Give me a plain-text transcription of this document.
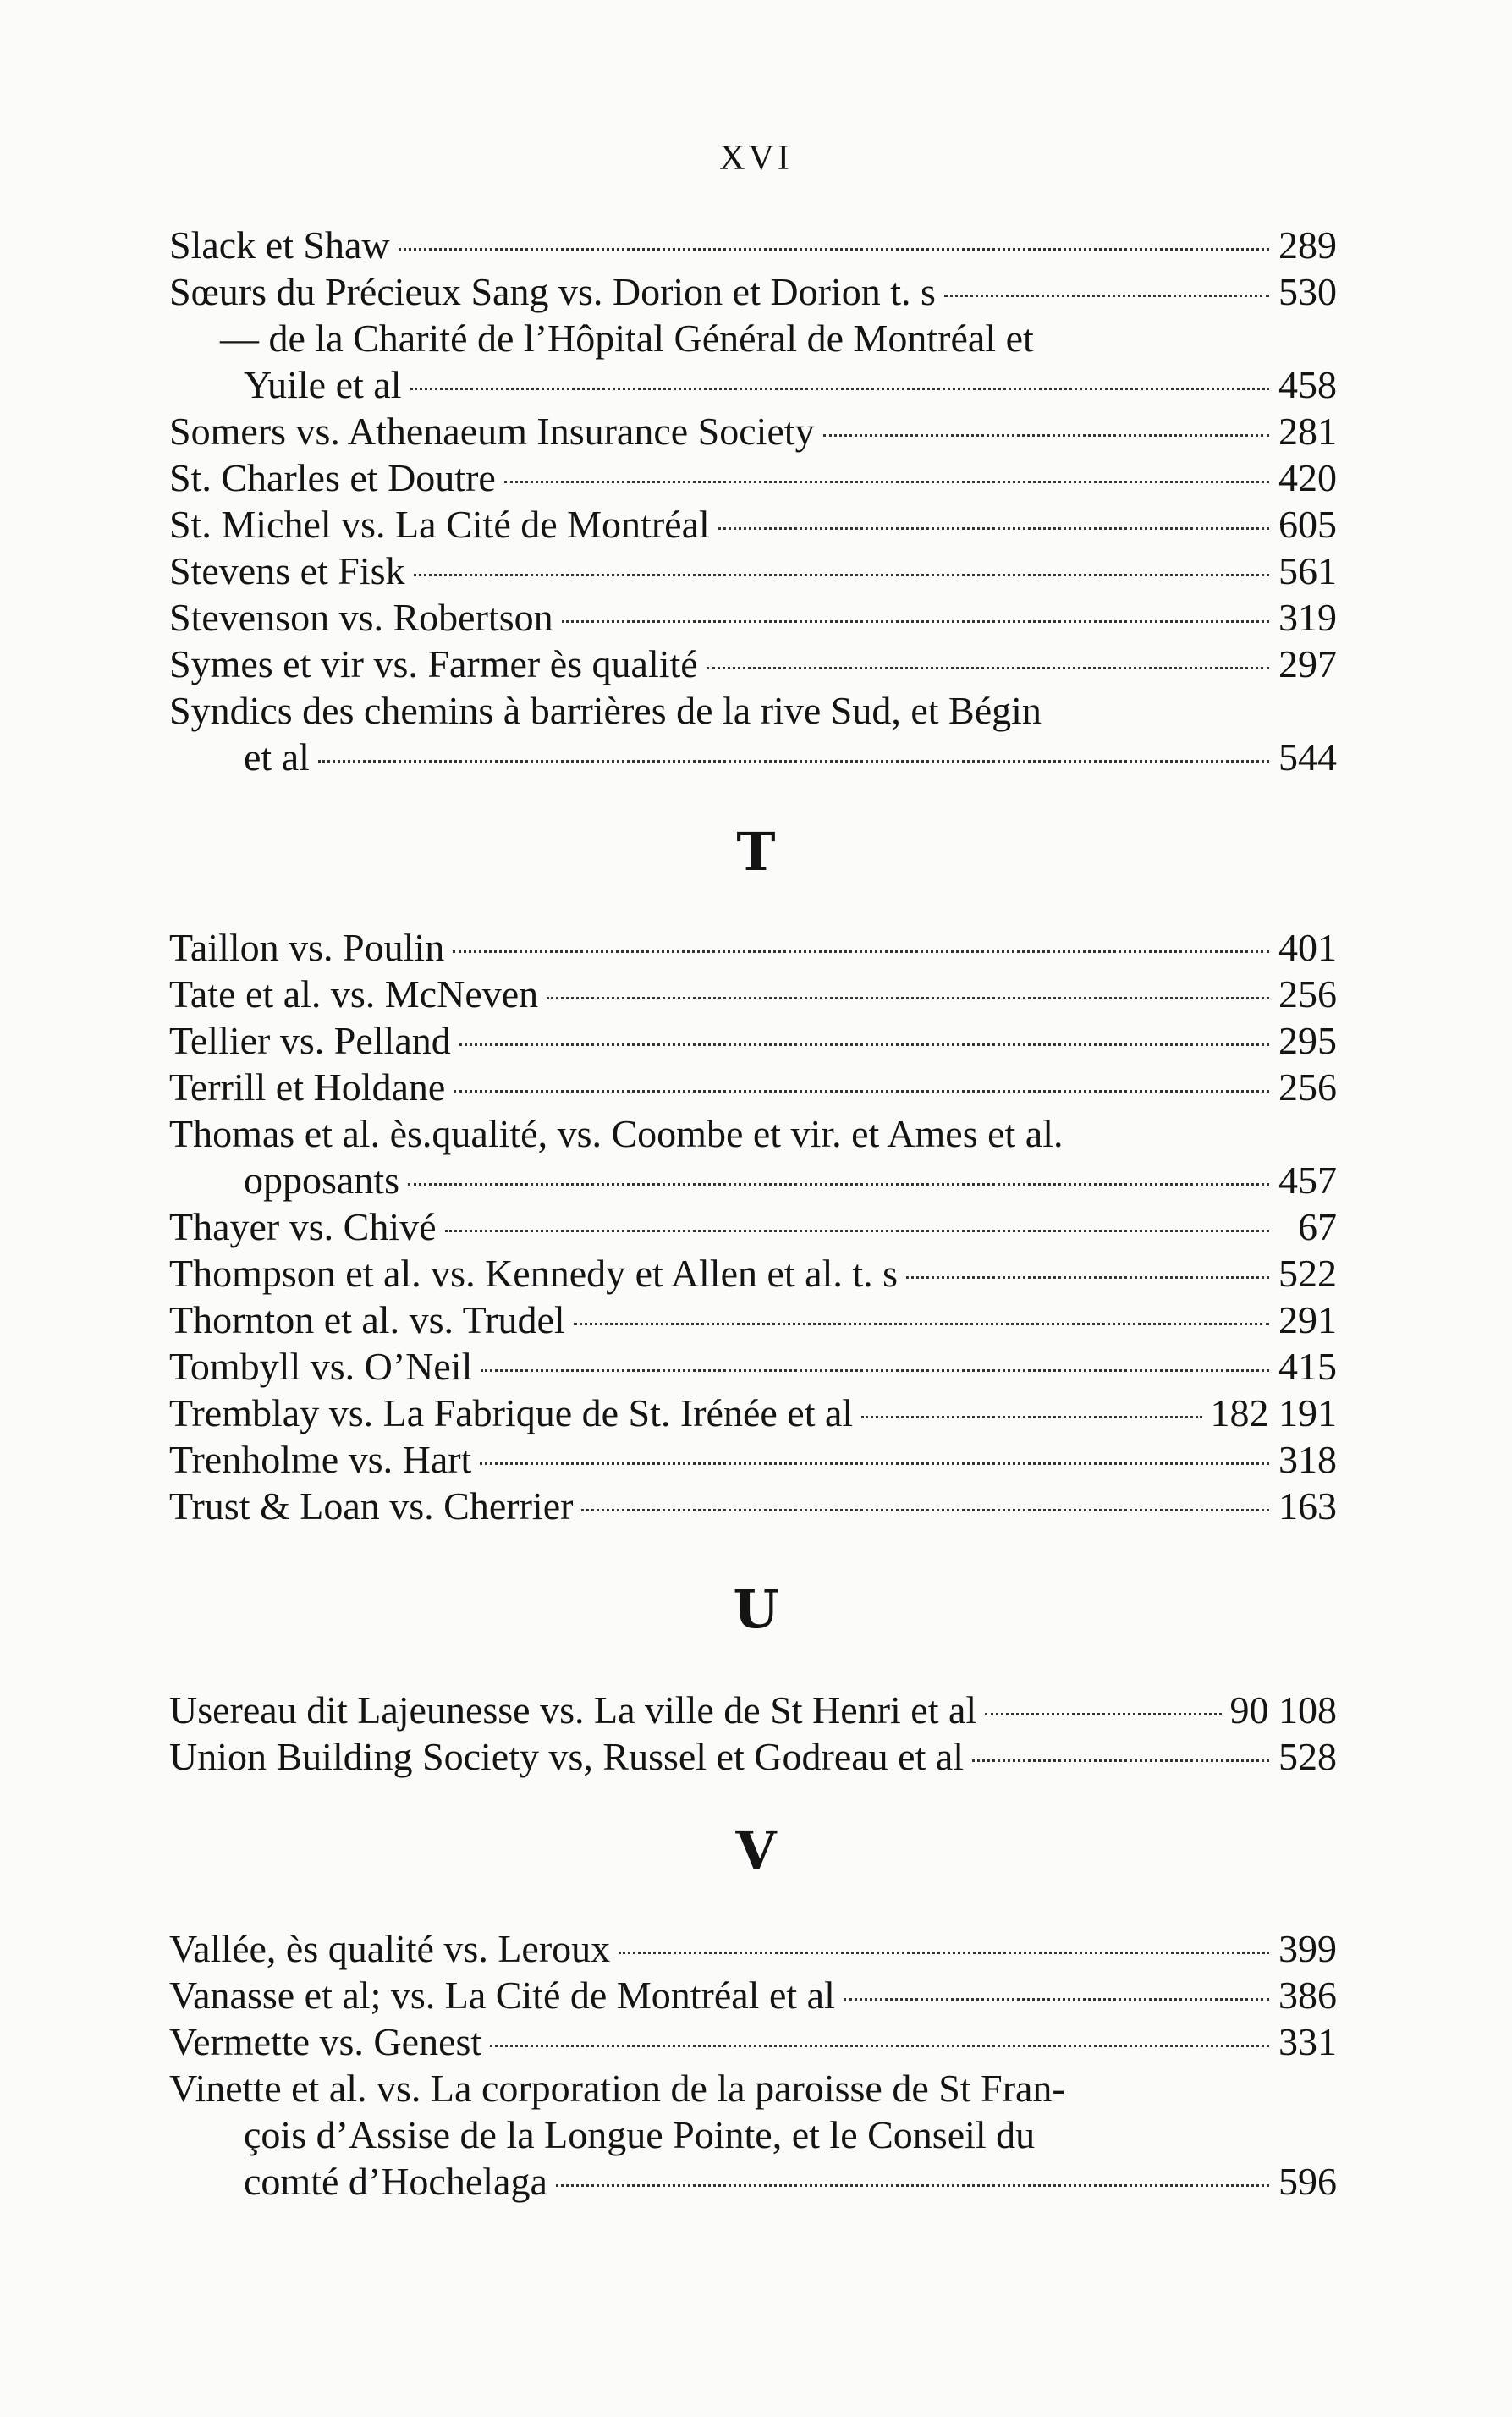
XVI
Slack et Shaw	289
Sœurs du Précieux Sang vs. Dorion et Dorion t. s	530
— de la Charité de l’Hôpital Général de Montréal et
Yuile et al	458
Somers vs. Athenaeum Insurance Society	281
St. Charles et Doutre	420
St. Michel vs. La Cité de Montréal	605
Stevens et Fisk	561
Stevenson vs. Robertson	319
Symes et vir vs. Farmer ès qualité	297
Syndics des chemins à barrières de la rive Sud, et Bégin
et al	544
T
Taillon vs. Poulin	401
Tate et al. vs. McNeven	256
Tellier vs. Pelland	295
Terrill et Holdane	256
Thomas et al. ès.qualité, vs. Coombe et vir. et Ames et al.
opposants	457
Thayer vs. Chivé	67
Thompson et al. vs. Kennedy et Allen et al. t. s	522
Thornton et al. vs. Trudel	291
Tombyll vs. O’Neil	415
Tremblay vs. La Fabrique de St. Irénée et al	182 191
Trenholme vs. Hart	318
Trust & Loan vs. Cherrier	163
U
Usereau dit Lajeunesse vs. La ville de St Henri et al	90 108
Union Building Society vs, Russel et Godreau et al	528
V
Vallée, ès qualité vs. Leroux	399
Vanasse et al; vs. La Cité de Montréal et al	386
Vermette vs. Genest	331
Vinette et al. vs. La corporation de la paroisse de St Fran-
çois d’Assise de la Longue Pointe, et le Conseil du
comté d’Hochelaga	596
